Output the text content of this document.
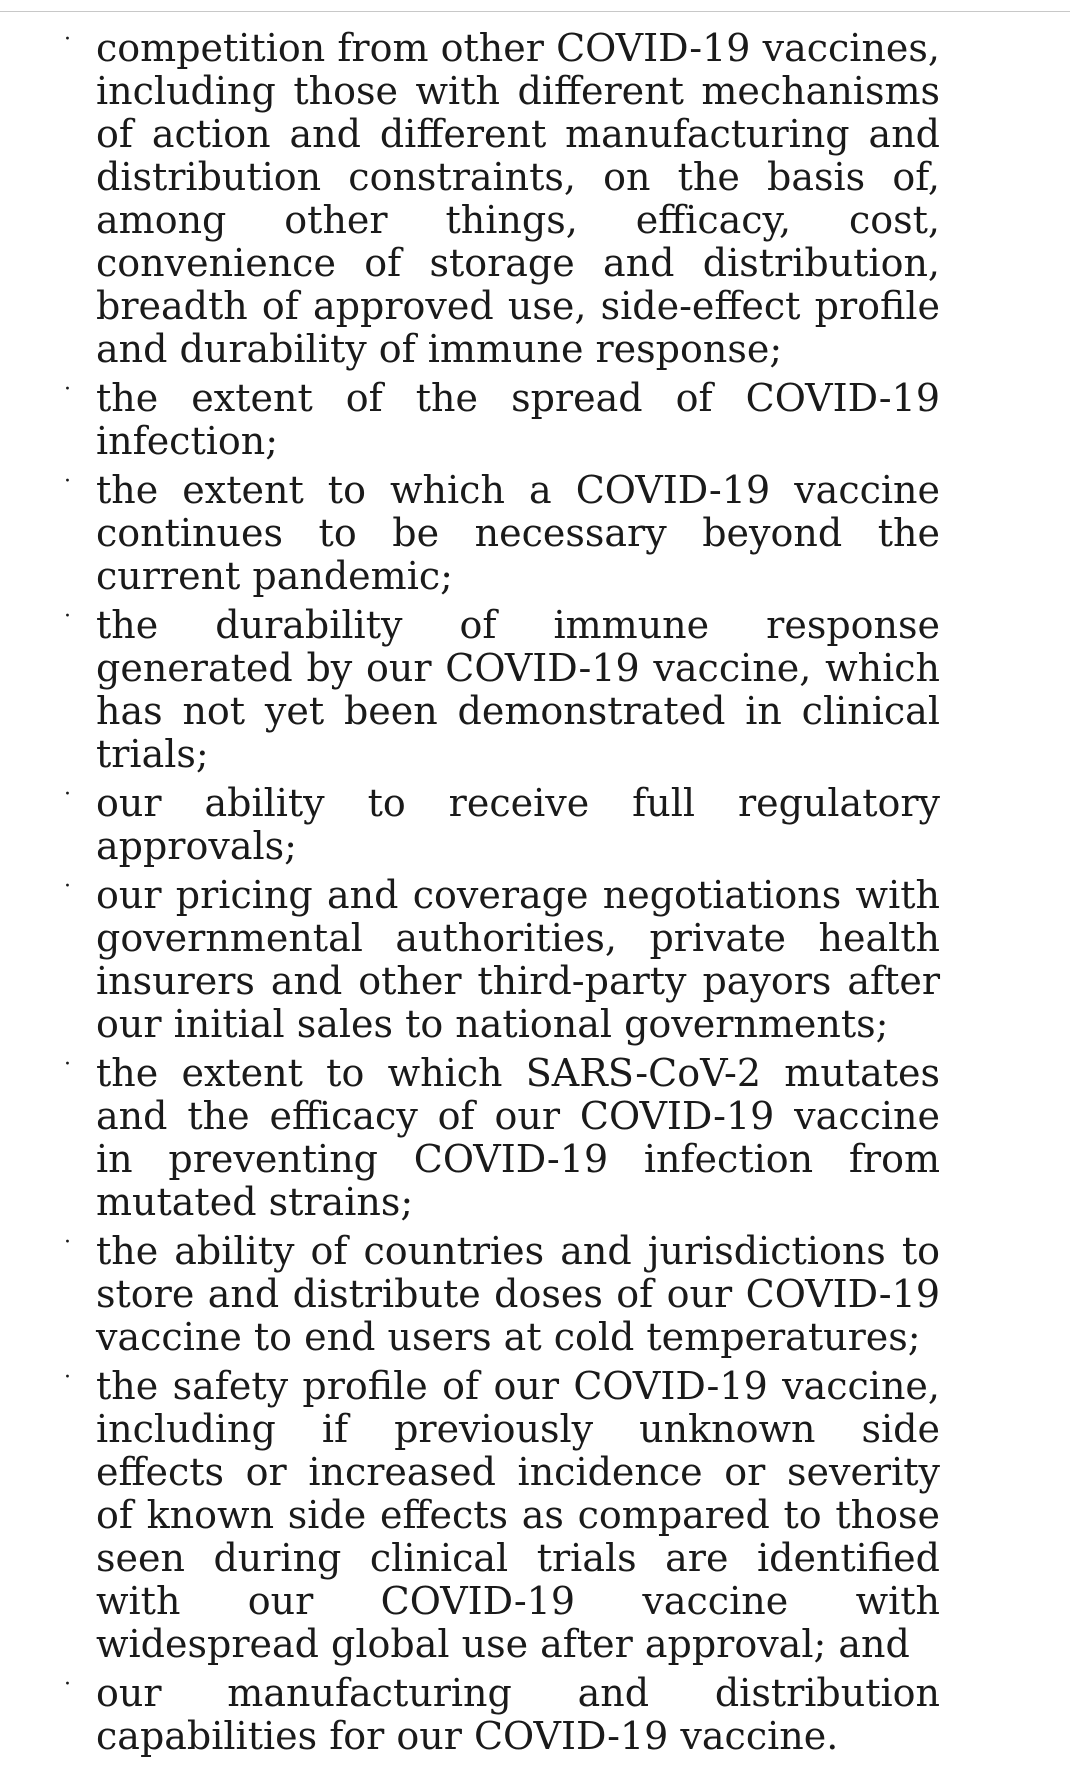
· competition from other COVID-19 vaccines, including those with different mechanisms of action and different manufacturing and distribution constraints, on the basis of, among other things, efficacy, cost, convenience of storage and distribution, breadth of approved use, side-effect profile and durability of immune response;
· the extent of the spread of COVID-19 infection;
· the extent to which a COVID-19 vaccine continues to be necessary beyond the current pandemic;
· the durability of immune response generated by our COVID-19 vaccine, which has not yet been demonstrated in clinical trials;
· our ability to receive full regulatory approvals;
· our pricing and coverage negotiations with governmental authorities, private health insurers and other third-party payors after our initial sales to national governments;
· the extent to which SARS-CoV-2 mutates and the efficacy of our COVID-19 vaccine in preventing COVID-19 infection from mutated strains;
· the ability of countries and jurisdictions to store and distribute doses of our COVID-19 vaccine to end users at cold temperatures;
· the safety profile of our COVID-19 vaccine, including if previously unknown side effects or increased incidence or severity of known side effects as compared to those seen during clinical trials are identified with our COVID-19 vaccine with widespread global use after approval; and
· our manufacturing and distribution capabilities for our COVID-19 vaccine.
